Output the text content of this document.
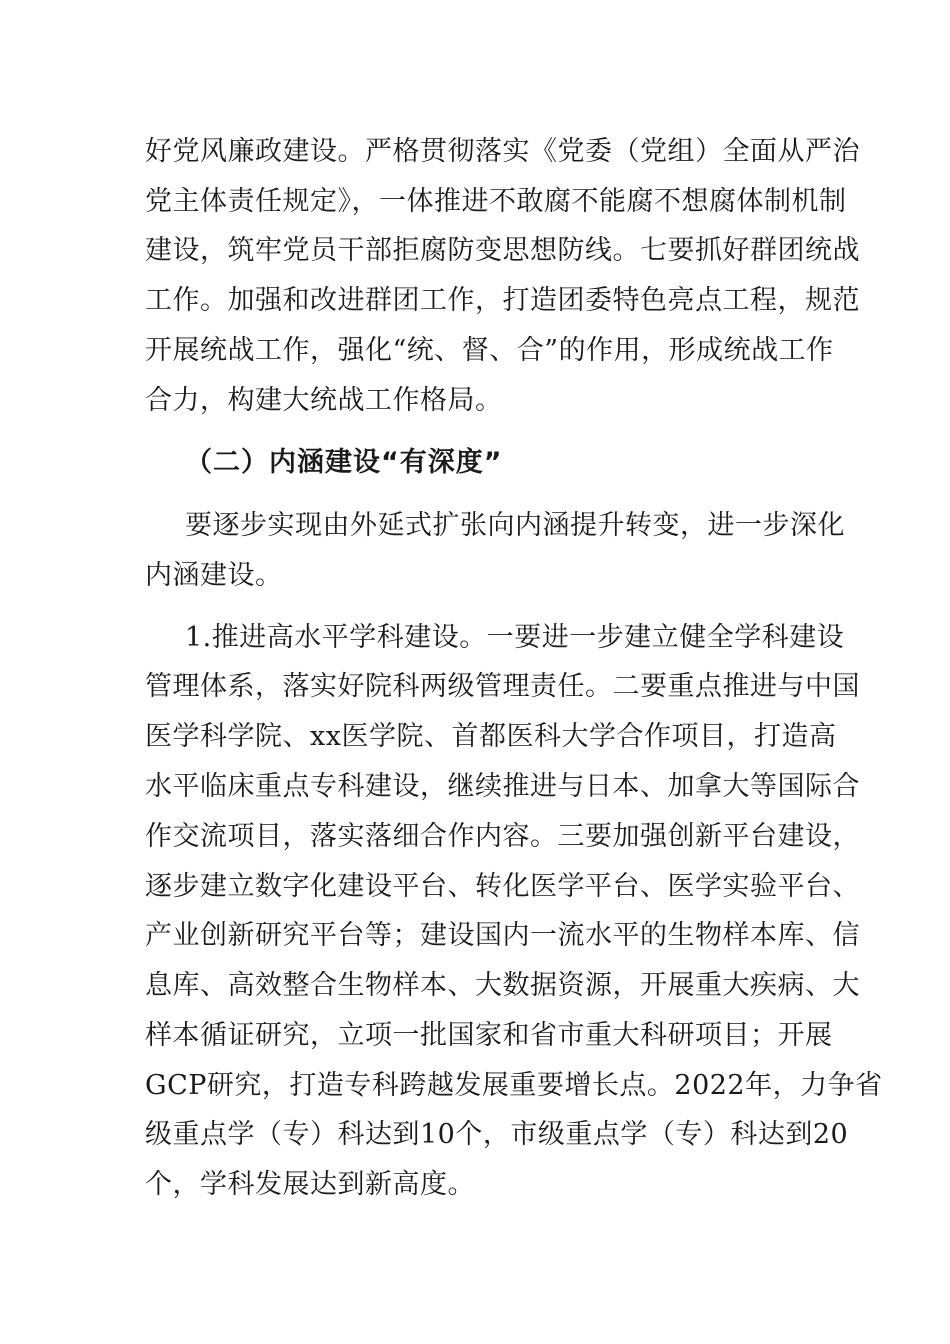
好党风廉政建设。严格贯彻落实《党委（党组）全面从严治
党主体责任规定》，一体推进不敢腐不能腐不想腐体制机制
建设，筑牢党员干部拒腐防变思想防线。七要抓好群团统战
工作。加强和改进群团工作，打造团委特色亮点工程，规范
开展统战工作，强化“统、督、合”的作用，形成统战工作
合力，构建大统战工作格局。
（二）内涵建设“有深度”
要逐步实现由外延式扩张向内涵提升转变，进一步深化
内涵建设。
1.推进高水平学科建设。一要进一步建立健全学科建设
管理体系，落实好院科两级管理责任。二要重点推进与中国
医学科学院、xx医学院、首都医科大学合作项目，打造高
水平临床重点专科建设，继续推进与日本、加拿大等国际合
作交流项目，落实落细合作内容。三要加强创新平台建设，
逐步建立数字化建设平台、转化医学平台、医学实验平台、
产业创新研究平台等；建设国内一流水平的生物样本库、信
息库、高效整合生物样本、大数据资源，开展重大疾病、大
样本循证研究，立项一批国家和省市重大科研项目；开展
GCP研究，打造专科跨越发展重要增长点。2022年，力争省
级重点学（专）科达到10个，市级重点学（专）科达到20
个，学科发展达到新高度。
